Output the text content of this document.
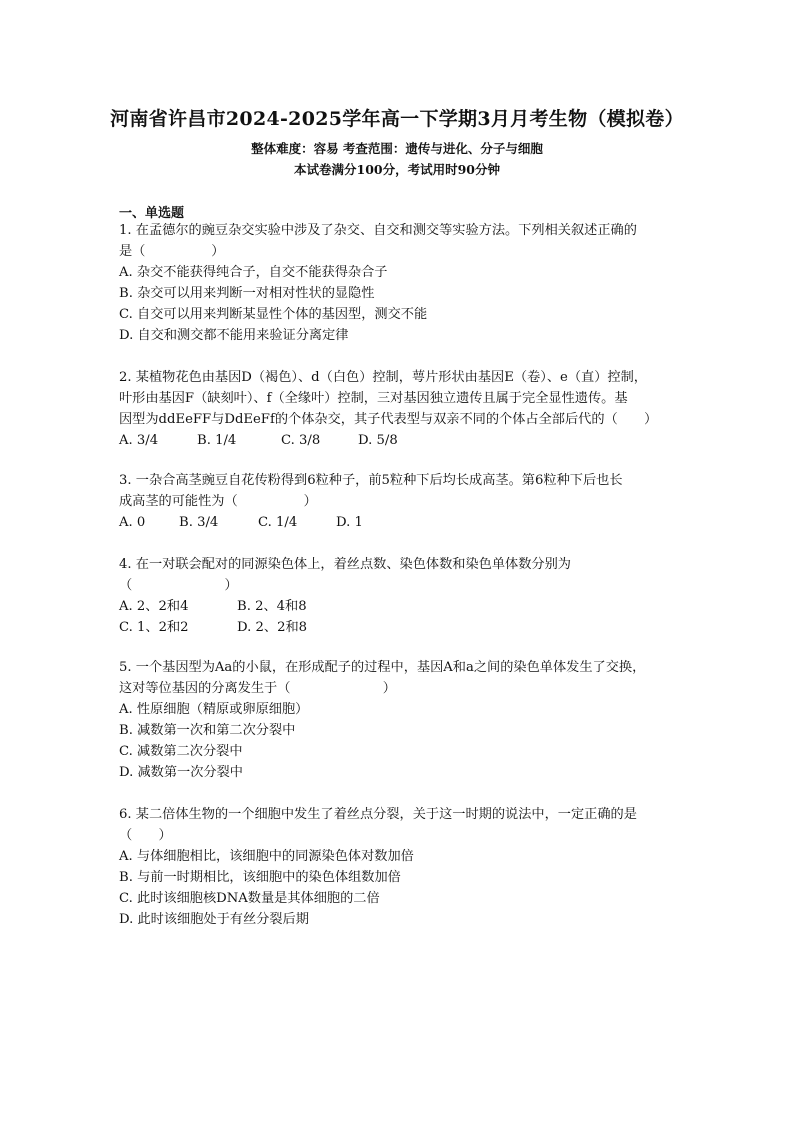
河南省许昌市2024-2025学年高一下学期3月月考生物（模拟卷）
整体难度：容易 考查范围：遗传与进化、分子与细胞
本试卷满分100分，考试用时90分钟
一、单选题
1. 在孟德尔的豌豆杂交实验中涉及了杂交、自交和测交等实验方法。下列相关叙述正确的
是（　　　　　）
A. 杂交不能获得纯合子，自交不能获得杂合子
B. 杂交可以用来判断一对相对性状的显隐性
C. 自交可以用来判断某显性个体的基因型，测交不能
D. 自交和测交都不能用来验证分离定律
2. 某植物花色由基因D（褐色）、d（白色）控制，萼片形状由基因E（卷）、e（直）控制，
叶形由基因F（缺刻叶）、f（全缘叶）控制，三对基因独立遗传且属于完全显性遗传。基
因型为ddEeFF与DdEeFf的个体杂交，其子代表型与双亲不同的个体占全部后代的（　　）
A. 3/4	B. 1/4	C. 3/8	D. 5/8
3. 一杂合高茎豌豆自花传粉得到6粒种子，前5粒种下后均长成高茎。第6粒种下后也长
成高茎的可能性为（　　　　　）
A. 0	B. 3/4	C. 1/4	D. 1
4. 在一对联会配对的同源染色体上，着丝点数、染色体数和染色单体数分别为
（　　　　　　　）
A. 2、2和4	B. 2、4和8
C. 1、2和2	D. 2、2和8
5. 一个基因型为Aa的小鼠，在形成配子的过程中，基因A和a之间的染色单体发生了交换，
这对等位基因的分离发生于（　　　　　　　）
A. 性原细胞（精原或卵原细胞）
B. 减数第一次和第二次分裂中
C. 减数第二次分裂中
D. 减数第一次分裂中
6. 某二倍体生物的一个细胞中发生了着丝点分裂，关于这一时期的说法中，一定正确的是
（　　）
A. 与体细胞相比，该细胞中的同源染色体对数加倍
B. 与前一时期相比，该细胞中的染色体组数加倍
C. 此时该细胞核DNA数量是其体细胞的二倍
D. 此时该细胞处于有丝分裂后期
